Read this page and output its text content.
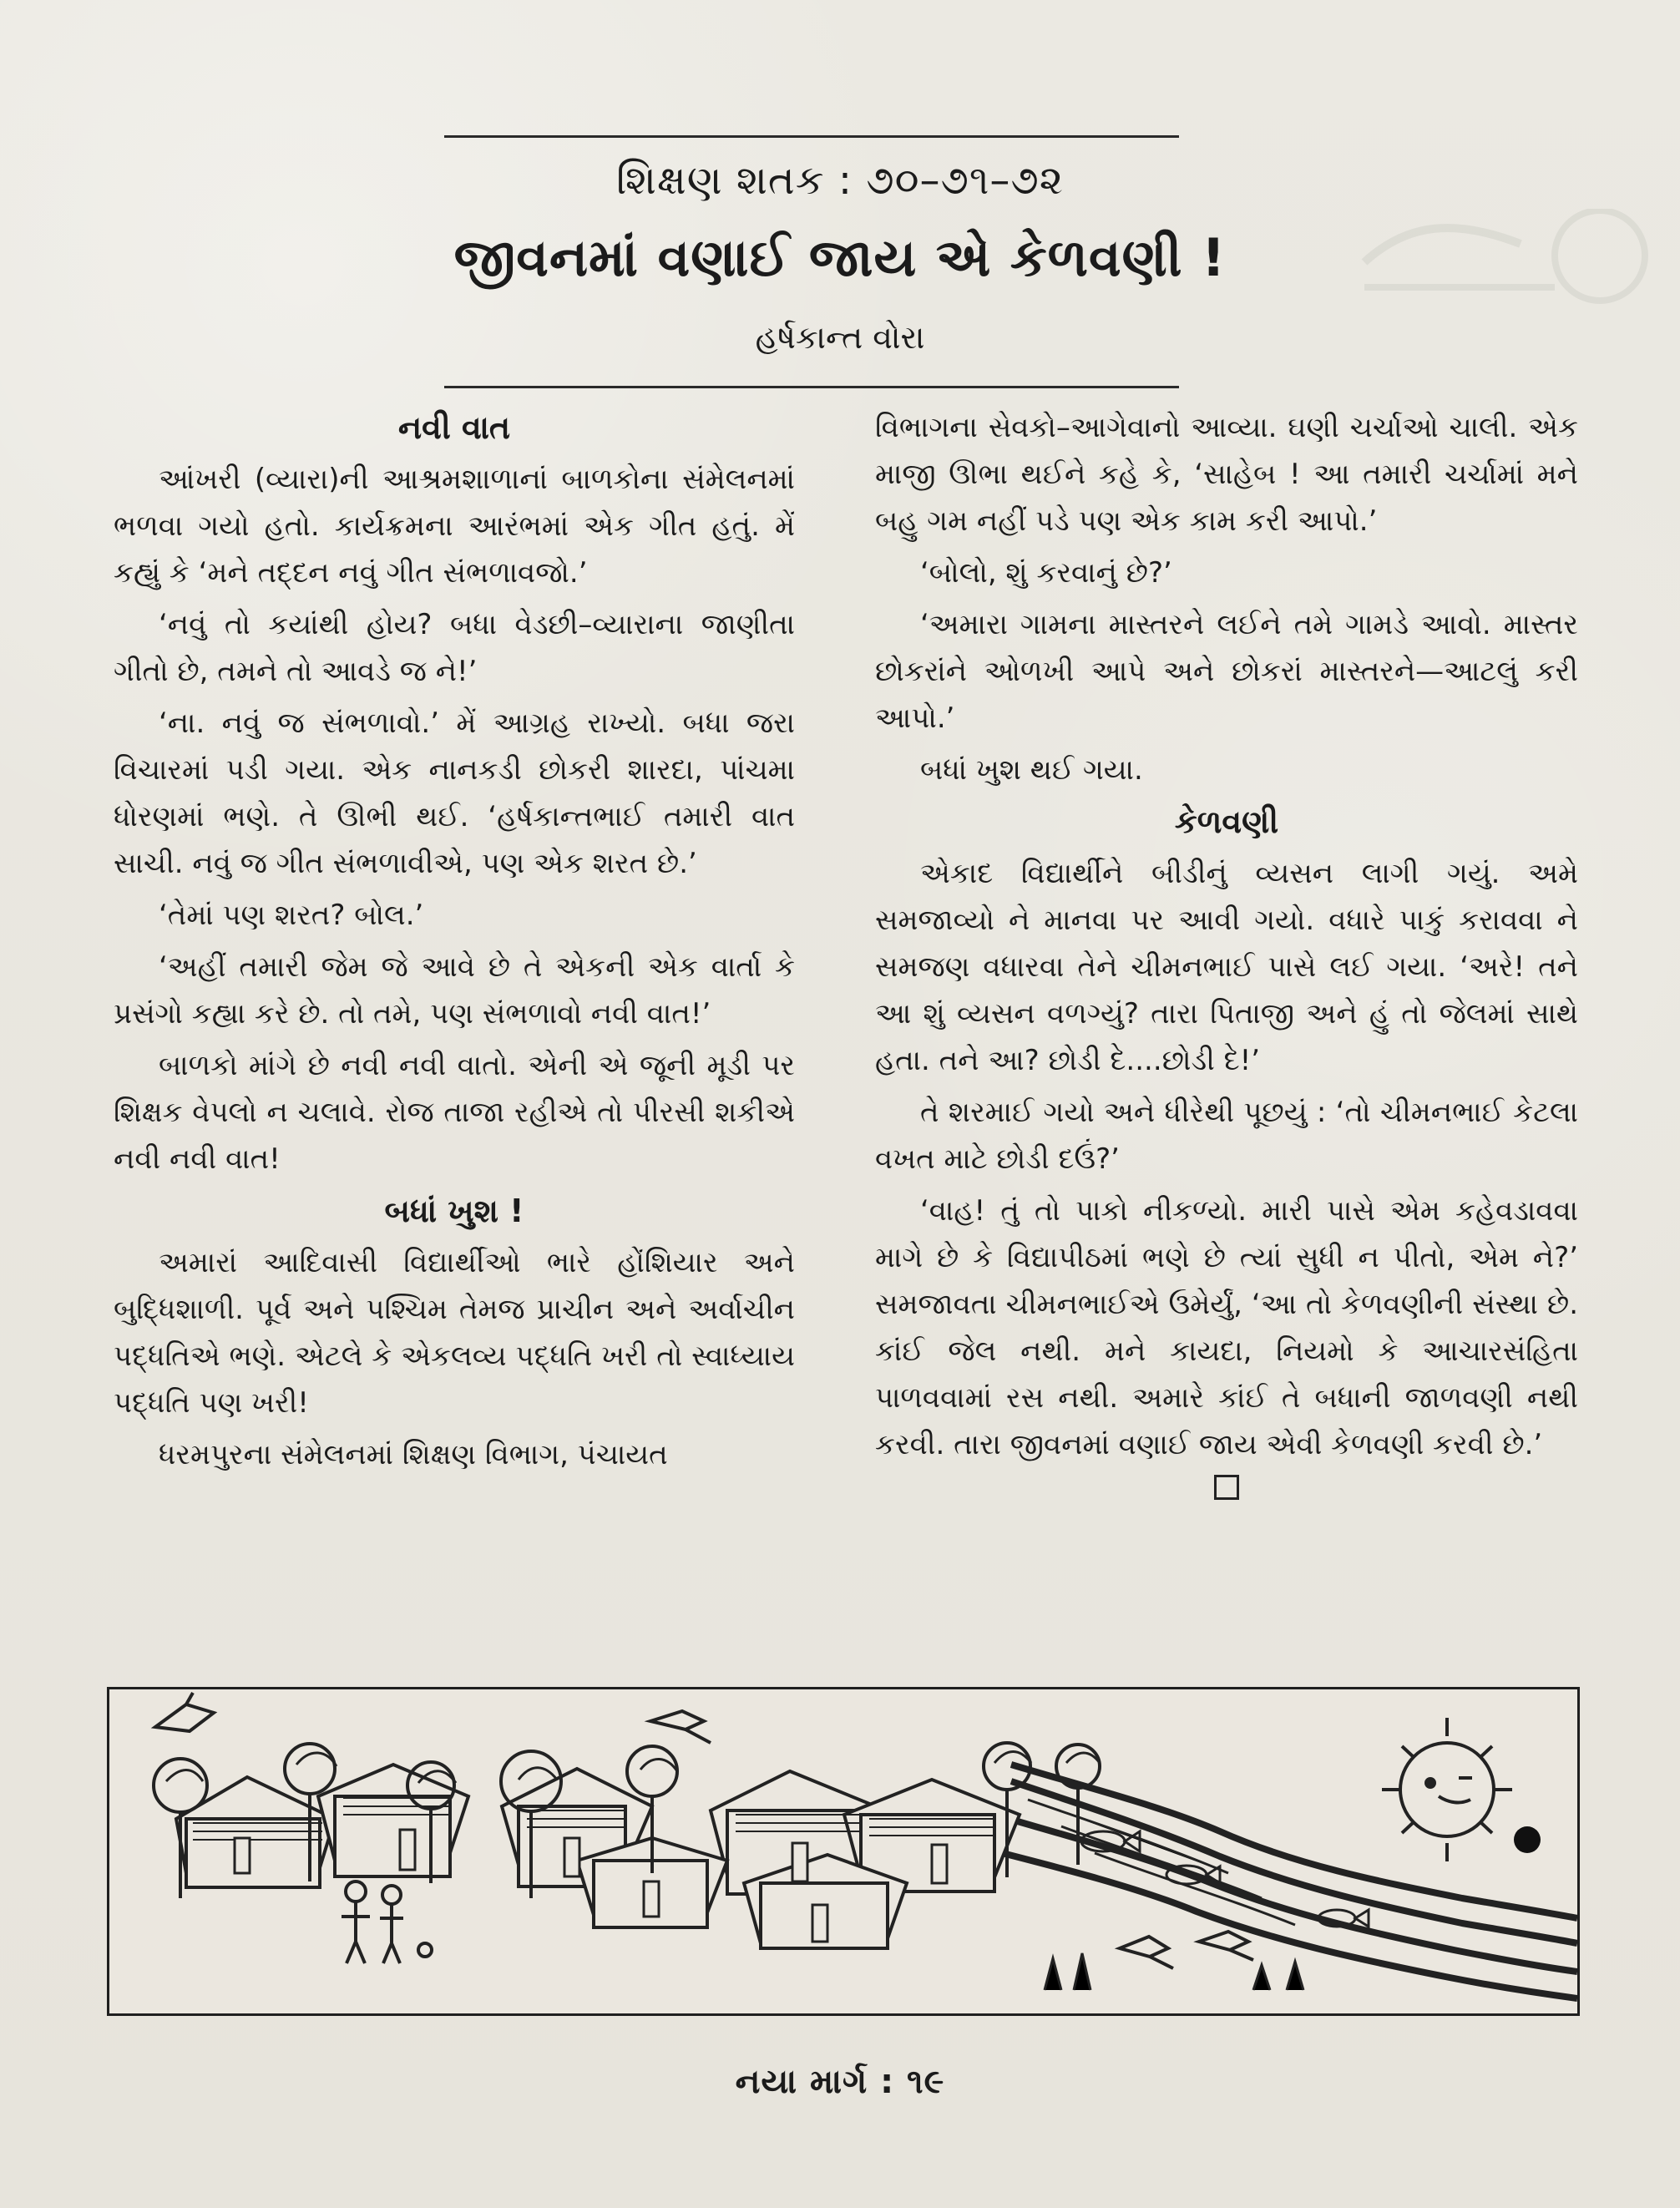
શિક્ષણ શતક : ૭૦–૭૧–૭૨
જીવનમાં વણાઈ જાય એ કેળવણી !
હર્ષકાન્ત વોરા
નવી વાત

આંખરી (વ્યારા)ની આશ્રમશાળાનાં બાળકોના સંમેલનમાં ભળવા ગયો હતો. કાર્યક્રમના આરંભમાં એક ગીત હતું. મેં કહ્યું કે ‘મને તદ્દન નવું ગીત સંભળાવજો.’

‘નવું તો કયાંથી હોય? બધા વેડછી–વ્યારાના જાણીતા ગીતો છે, તમને તો આવડે જ ને!’

‘ના. નવું જ સંભળાવો.’ મેં આગ્રહ રાખ્યો. બધા જરા વિચારમાં પડી ગયા. એક નાનકડી છોકરી શારદા, પાંચમા ધોરણમાં ભણે. તે ઊભી થઈ. ‘હર્ષકાન્તભાઈ તમારી વાત સાચી. નવું જ ગીત સંભળાવીએ, પણ એક શરત છે.’

‘તેમાં પણ શરત? બોલ.’

‘અહીં તમારી જેમ જે આવે છે તે એકની એક વાર્તા કે પ્રસંગો કહ્યા કરે છે. તો તમે, પણ સંભળાવો નવી વાત!’

બાળકો માંગે છે નવી નવી વાતો. એની એ જૂની મૂડી પર શિક્ષક વેપલો ન ચલાવે. રોજ તાજા રહીએ તો પીરસી શકીએ નવી નવી વાત!

બધાં ખુશ !

અમારાં આદિવાસી વિદ્યાર્થીઓ ભારે હોંશિયાર અને બુદ્ધિશાળી. પૂર્વ અને પશ્ચિમ તેમજ પ્રાચીન અને અર્વાચીન પદ્ધતિએ ભણે. એટલે કે એકલવ્ય પદ્ધતિ ખરી તો સ્વાધ્યાય પદ્ધતિ પણ ખરી!

ધરમપુરના સંમેલનમાં શિક્ષણ વિભાગ, પંચાયત

વિભાગના સેવકો–આગેવાનો આવ્યા. ઘણી ચર્ચાઓ ચાલી. એક માજી ઊભા થઈને કહે કે, ‘સાહેબ ! આ તમારી ચર્ચામાં મને બહુ ગમ નહીં પડે પણ એક કામ કરી આપો.’

‘બોલો, શું કરવાનું છે?’

‘અમારા ગામના માસ્તરને લઈને તમે ગામડે આવો. માસ્તર છોકરાંને ઓળખી આપે અને છોકરાં માસ્તરને—આટલું કરી આપો.’

બધાં ખુશ થઈ ગયા.

કેળવણી

એકાદ વિદ્યાર્થીને બીડીનું વ્યસન લાગી ગયું. અમે સમજાવ્યો ને માનવા પર આવી ગયો. વધારે પાકું કરાવવા ને સમજણ વધારવા તેને ચીમનભાઈ પાસે લઈ ગયા. ‘અરે! તને આ શું વ્યસન વળગ્યું? તારા પિતાજી અને હું તો જેલમાં સાથે હતા. તને આ? છોડી દે....છોડી દે!’

તે શરમાઈ ગયો અને ધીરેથી પૂછયું : ‘તો ચીમનભાઈ કેટલા વખત માટે છોડી દઉં?’

‘વાહ! તું તો પાકો નીકળ્યો. મારી પાસે એમ કહેવડાવવા માગે છે કે વિદ્યાપીઠમાં ભણે છે ત્યાં સુધી ન પીતો, એમ ને?’ સમજાવતા ચીમનભાઈએ ઉમેર્યું, ‘આ તો કેળવણીની સંસ્થા છે. કાંઈ જેલ નથી. મને કાયદા, નિયમો કે આચારસંહિતા પાળવવામાં રસ નથી. અમારે કાંઈ તે બધાની જાળવણી નથી કરવી. તારા જીવનમાં વણાઈ જાય એવી કેળવણી કરવી છે.’

નયા માર્ગ : ૧૯
